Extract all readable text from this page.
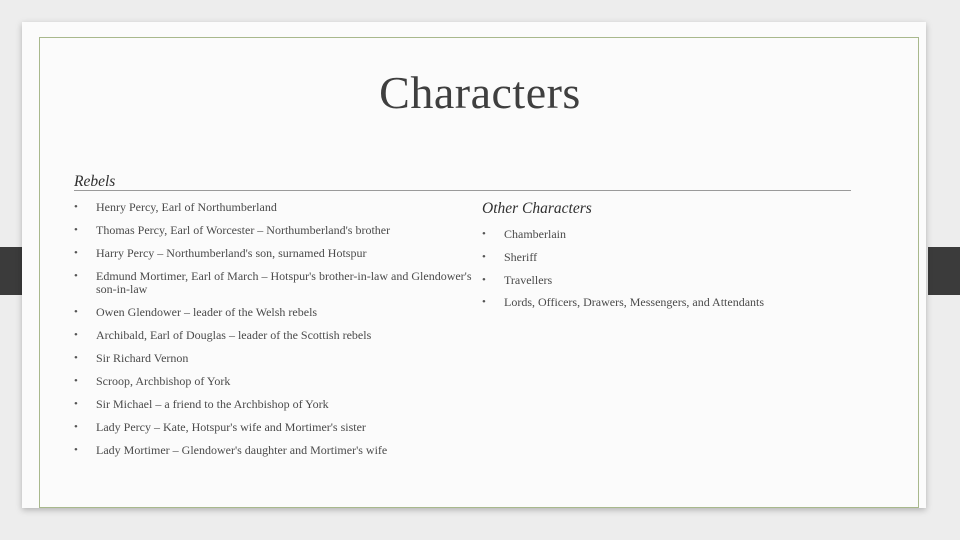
Characters
Rebels
• Henry Percy, Earl of Northumberland
• Thomas Percy, Earl of Worcester – Northumberland's brother
• Harry Percy – Northumberland's son, surnamed Hotspur
• Edmund Mortimer, Earl of March – Hotspur's brother-in-law and Glendower's son-in-law
• Owen Glendower – leader of the Welsh rebels
• Archibald, Earl of Douglas – leader of the Scottish rebels
• Sir Richard Vernon
• Scroop, Archbishop of York
• Sir Michael – a friend to the Archbishop of York
• Lady Percy – Kate, Hotspur's wife and Mortimer's sister
• Lady Mortimer – Glendower's daughter and Mortimer's wife
Other Characters
• Chamberlain
• Sheriff
• Travellers
• Lords, Officers, Drawers, Messengers, and Attendants
